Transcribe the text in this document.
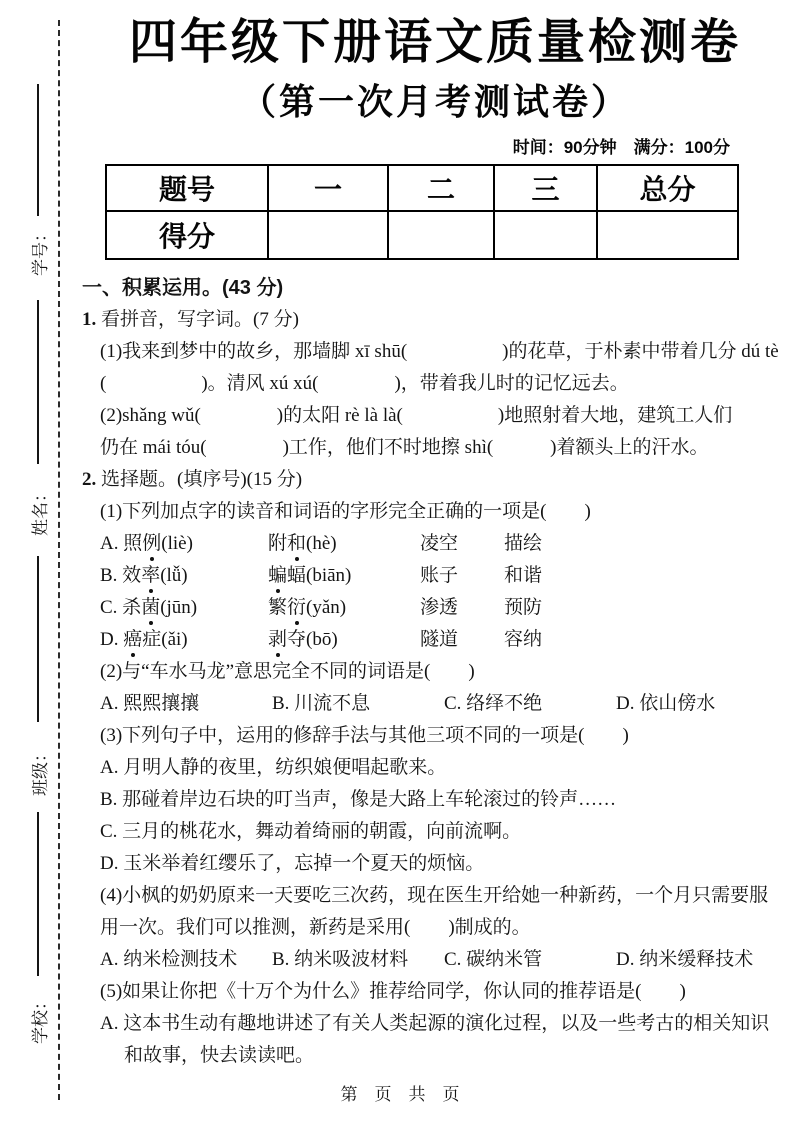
学号：
姓名：
班级：
学校：
四年级下册语文质量检测卷
（第一次月考测试卷）
时间：90分钟　满分：100分
题号	一	二	三	总分
得分				

一、积累运用。(43 分)

1. 看拼音，写字词。(7 分)

(1)我来到梦中的故乡，那墙脚 xī shū(　　　　　)的花草，于朴素中带着几分 dú tè

(　　　　　)。清风 xú xú(　　　　)，带着我儿时的记忆远去。

(2)shǎng wǔ(　　　　)的太阳 rè là là(　　　　　)地照射着大地，建筑工人们

仍在 mái tóu(　　　　)工作，他们不时地擦 shì(　　　)着额头上的汗水。

2. 选择题。(填序号)(15 分)

(1)下列加点字的读音和词语的字形完全正确的一项是(　　)

A. 照例(liè)	附和(hè)	凌空	描绘
B. 效率(lǚ)	蝙蝠(biān)	账子	和谐
C. 杀菌(jūn)	繁衍(yǎn)	渗透	预防
D. 癌症(ǎi)	剥夺(bō)	隧道	容纳

(2)与“车水马龙”意思完全不同的词语是(　　)

A. 熙熙攘攘	B. 川流不息	C. 络绎不绝	D. 依山傍水

(3)下列句子中，运用的修辞手法与其他三项不同的一项是(　　)

A. 月明人静的夜里，纺织娘便唱起歌来。

B. 那碰着岸边石块的叮当声，像是大路上车轮滚过的铃声……

C. 三月的桃花水，舞动着绮丽的朝霞，向前流啊。

D. 玉米举着红缨乐了，忘掉一个夏天的烦恼。

(4)小枫的奶奶原来一天要吃三次药，现在医生开给她一种新药，一个月只需要服

用一次。我们可以推测，新药是采用(　　)制成的。

A. 纳米检测技术	B. 纳米吸波材料	C. 碳纳米管	D. 纳米缓释技术

(5)如果让你把《十万个为什么》推荐给同学，你认同的推荐语是(　　)

A. 这本书生动有趣地讲述了有关人类起源的演化过程，以及一些考古的相关知识

和故事，快去读读吧。

第　页　共　页
